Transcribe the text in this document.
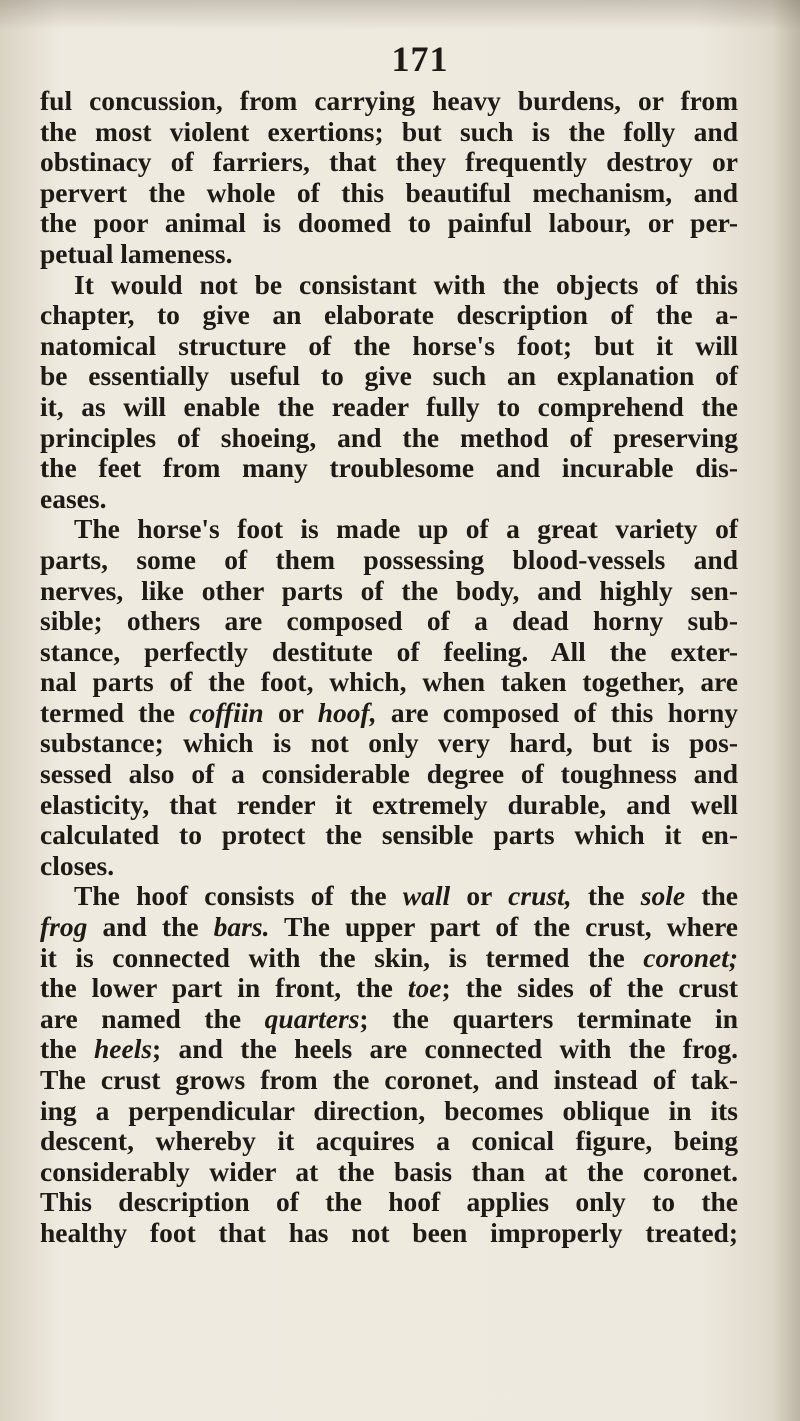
171
ful concussion, from carrying heavy burdens, or from
the most violent exertions; but such is the folly and
obstinacy of farriers, that they frequently destroy or
pervert the whole of this beautiful mechanism, and
the poor animal is doomed to painful labour, or per-
petual lameness.
It would not be consistant with the objects of this
chapter, to give an elaborate description of the a-
natomical structure of the horse's foot; but it will
be essentially useful to give such an explanation of
it, as will enable the reader fully to comprehend the
principles of shoeing, and the method of preserving
the feet from many troublesome and incurable dis-
eases.
The horse's foot is made up of a great variety of
parts, some of them possessing blood-vessels and
nerves, like other parts of the body, and highly sen-
sible; others are composed of a dead horny sub-
stance, perfectly destitute of feeling. All the exter-
nal parts of the foot, which, when taken together, are
termed the coffiin or hoof, are composed of this horny
substance; which is not only very hard, but is pos-
sessed also of a considerable degree of toughness and
elasticity, that render it extremely durable, and well
calculated to protect the sensible parts which it en-
closes.
The hoof consists of the wall or crust, the sole the
frog and the bars. The upper part of the crust, where
it is connected with the skin, is termed the coronet;
the lower part in front, the toe; the sides of the crust
are named the quarters; the quarters terminate in
the heels; and the heels are connected with the frog.
The crust grows from the coronet, and instead of tak-
ing a perpendicular direction, becomes oblique in its
descent, whereby it acquires a conical figure, being
considerably wider at the basis than at the coronet.
This description of the hoof applies only to the
healthy foot that has not been improperly treated;
